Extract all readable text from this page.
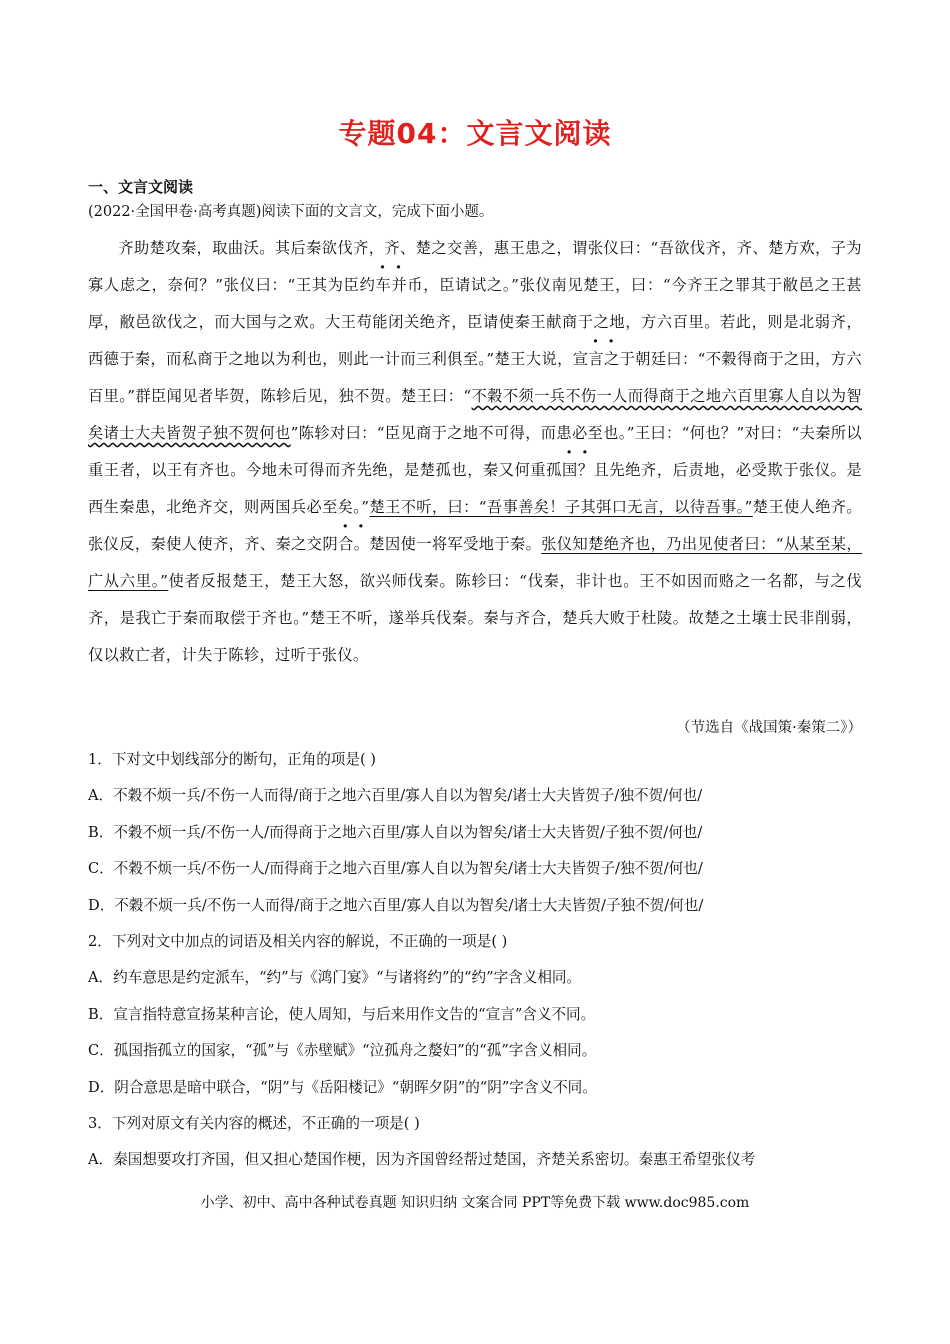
专题04：文言文阅读
一、文言文阅读
(2022·全国甲卷·高考真题)阅读下面的文言文，完成下面小题。

齐助楚攻秦，取曲沃。其后秦欲伐齐，齐、楚之交善，惠王患之，谓张仪曰：“吾欲伐齐，齐、楚方欢，子为寡人虑之，奈何？”张仪曰：“王其为臣约车并币，臣请试之。”张仪南见楚王，曰：“今齐王之罪其于敝邑之王甚厚，敝邑欲伐之，而大国与之欢。大王苟能闭关绝齐，臣请使秦王献商于之地，方六百里。若此，则是北弱齐，西德于秦，而私商于之地以为利也，则此一计而三利俱至。”楚王大说，宣言之于朝廷曰：“不穀得商于之田，方六百里。”群臣闻见者毕贺，陈轸后见，独不贺。楚王曰：“不穀不须一兵不伤一人而得商于之地六百里寡人自以为智矣诸士大夫皆贺子独不贺何也”陈轸对曰：“臣见商于之地不可得，而患必至也。”王曰：“何也？”对曰：“夫秦所以重王者，以王有齐也。今地未可得而齐先绝，是楚孤也，秦又何重孤国？且先绝齐，后责地，必受欺于张仪。是西生秦患，北绝齐交，则两国兵必至矣。”楚王不听，曰：“吾事善矣！子其弭口无言，以待吾事。”楚王使人绝齐。张仪反，秦使人使齐，齐、秦之交阴合。楚因使一将军受地于秦。张仪知楚绝齐也，乃出见使者曰：“从某至某，广从六里。”使者反报楚王，楚王大怒，欲兴师伐秦。陈轸曰：“伐秦，非计也。王不如因而赂之一名都，与之伐齐，是我亡于秦而取偿于齐也。”楚王不听，遂举兵伐秦。秦与齐合，楚兵大败于杜陵。故楚之土壤士民非削弱，仅以救亡者，计失于陈轸，过听于张仪。

（节选自《战国策·秦策二》）
1．下对文中划线部分的断句，正角的项是( )
A．不穀不烦一兵/不伤一人而得/商于之地六百里/寡人自以为智矣/诸士大夫皆贺子/独不贺/何也/
B．不穀不烦一兵/不伤一人/而得商于之地六百里/寡人自以为智矣/诸士大夫皆贺/子独不贺/何也/
C．不穀不烦一兵/不伤一人/而得商于之地六百里/寡人自以为智矣/诸士大夫皆贺子/独不贺/何也/
D．不穀不烦一兵/不伤一人而得/商于之地六百里/寡人自以为智矣/诸士大夫皆贺/子独不贺/何也/
2．下列对文中加点的词语及相关内容的解说，不正确的一项是( )
A．约车意思是约定派车，“约”与《鸿门宴》“与诸将约”的“约”字含义相同。
B．宣言指特意宣扬某种言论，使人周知，与后来用作文告的“宣言”含义不同。
C．孤国指孤立的国家，“孤”与《赤壁赋》“泣孤舟之嫠妇”的“孤”字含义相同。
D．阴合意思是暗中联合，“阴”与《岳阳楼记》“朝晖夕阴”的“阴”字含义不同。
3．下列对原文有关内容的概述，不正确的一项是( )
A．秦国想要攻打齐国，但又担心楚国作梗，因为齐国曾经帮过楚国，齐楚关系密切。秦惠王希望张仪考
小学、初中、高中各种试卷真题 知识归纳 文案合同 PPT等免费下载 www.doc985.com
